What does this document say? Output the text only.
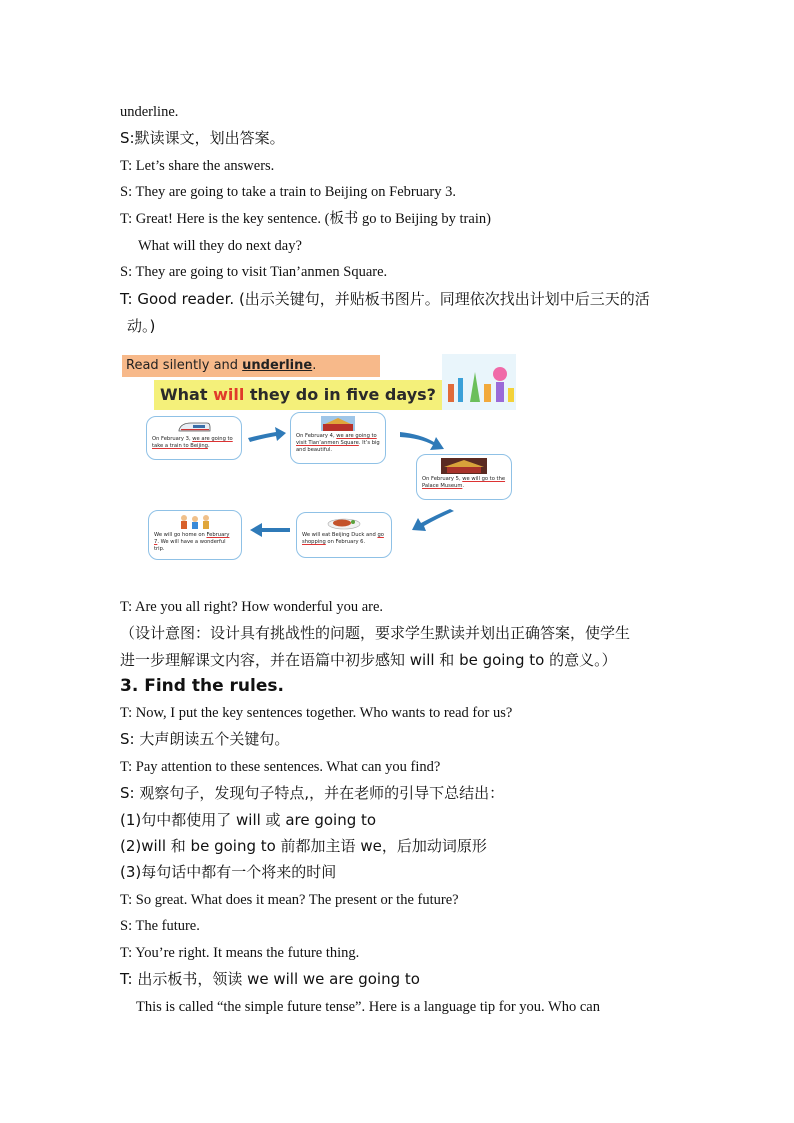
underline.
S:默读课文，划出答案。
T: Let’s share the answers.
S: They are going to take a train to Beijing on February 3.
T: Great! Here is the key sentence. (板书 go to Beijing by train)
What will they do next day?
S: They are going to visit Tian’anmen Square.
T: Good reader. (出示关键句，并贴板书图片。同理依次找出计划中后三天的活
动。)
Read silently and underline.
What will they do in five days?
On February 3, we are going to take a train to Beijing.
On February 4, we are going to visit Tian’anmen Square. It’s big and beautiful.
On February 5, we will go to the Palace Museum.
We will eat Beijing Duck and go shopping on February 6.
We will go home on February 7. We will have a wonderful trip.
T: Are you all right? How wonderful you are.
（设计意图：设计具有挑战性的问题，要求学生默读并划出正确答案，使学生
进一步理解课文内容，并在语篇中初步感知 will 和 be going to 的意义。）
3. Find the rules.
T: Now, I put the key sentences together. Who wants to read for us?
S: 大声朗读五个关键句。
T: Pay attention to these sentences. What can you find?
S: 观察句子，发现句子特点,，并在老师的引导下总结出：
(1)句中都使用了 will 或 are going to
(2)will 和 be going to 前都加主语 we，后加动词原形
(3)每句话中都有一个将来的时间
T: So great. What does it mean? The present or the future?
S: The future.
T: You’re right. It means the future thing.
T: 出示板书，领读 we will we are going to
This is called “the simple future tense”. Here is a language tip for you. Who can
